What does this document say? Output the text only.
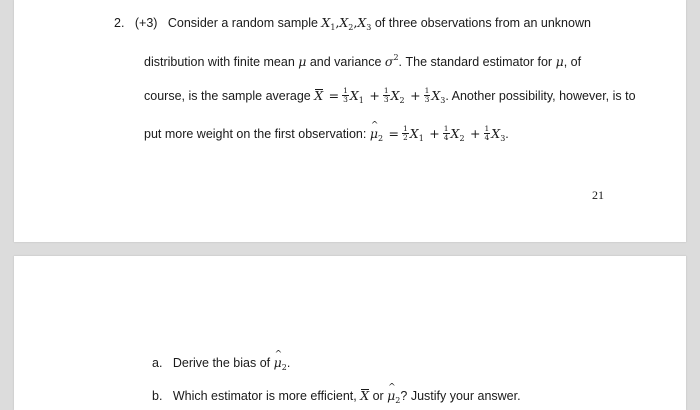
2. (+3) Consider a random sample $X_1,X_2,X_3$ of three observations from an unknown
distribution with finite mean μ and variance $\sigma^2$. The standard estimator for μ, of
course, is the sample average $X = \frac{1}{3} X_1 + \frac{1}{3} X_2 + \frac{1}{3} X_3$. Another possibility, however, is to
put more weight on the first observation: ^ $\mu_2 = \frac{1}{2} X_1 + \frac{1}{4} X_2 + \frac{1}{4} X_3$.
21
a. Derive the bias of ^ $\mu_2$.
b. Which estimator is more efficient, X or ^ $\mu_2$? Justify your answer.
